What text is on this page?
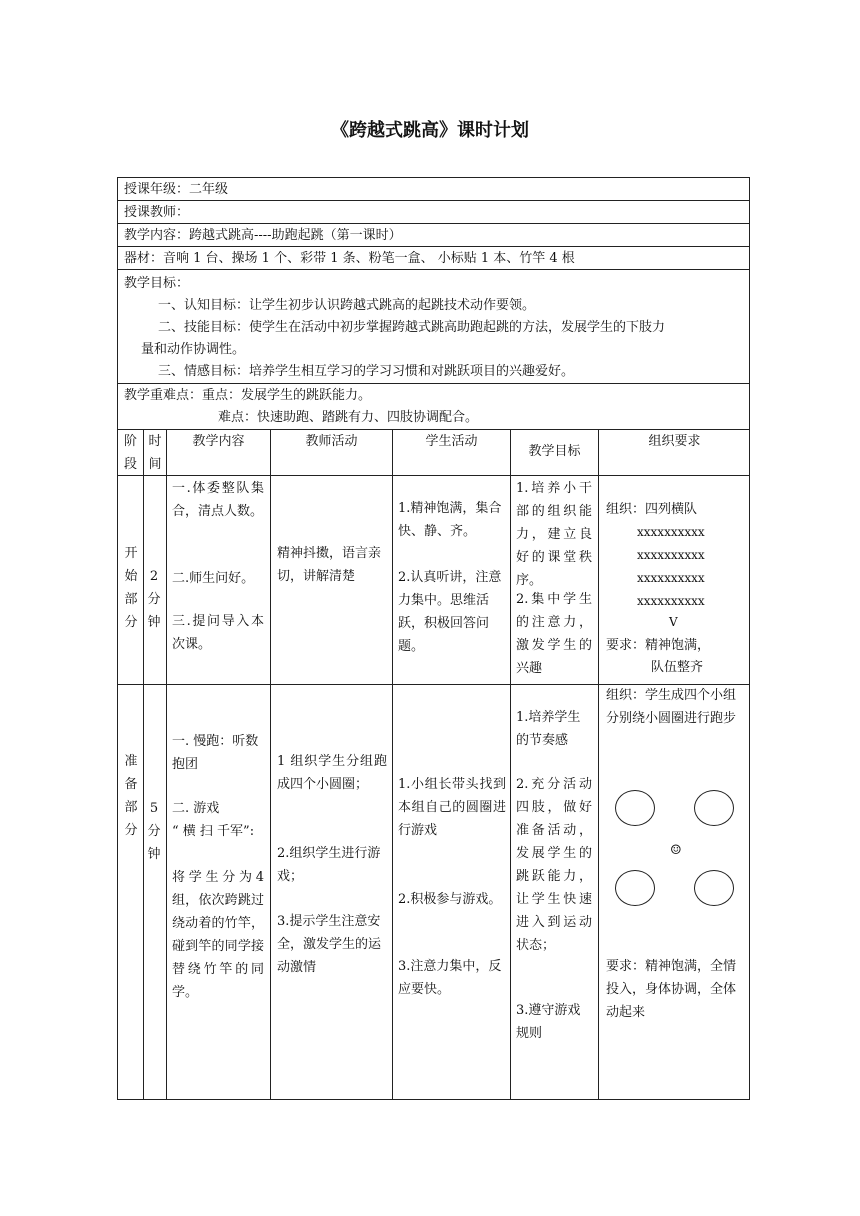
《跨越式跳高》课时计划
授课年级：二年级
授课教师：
教学内容：跨越式跳高----助跑起跳（第一课时）
器材：音响 1 台、操场 1 个、彩带 1 条、粉笔一盒、 小标贴 1 本、竹竿 4 根
教学目标：
一、认知目标：让学生初步认识跨越式跳高的起跳技术动作要领。
二、技能目标：使学生在活动中初步掌握跨越式跳高助跑起跳的方法，发展学生的下肢力
量和动作协调性。
三、情感目标：培养学生相互学习的学习习惯和对跳跃项目的兴趣爱好。
教学重难点：重点：发展学生的跳跃能力。
难点：快速助跑、踏跳有力、四肢协调配合。
阶段
时间
教学内容	教师活动	学生活动
教学目标
组织要求
开始部分
2分钟
一.体委整队集合，清点人数。
二.师生问好。
三.提问导入本次课。
精神抖擞，语言亲切，讲解清楚
1.精神饱满，集合快、静、齐。
2.认真听讲，注意力集中。思维活跃，积极回答问题。
1.培养小干部的组织能力，建立良好的课堂秩序。
2.集中学生的注意力，激发学生的兴趣
组织：四列横队
xxxxxxxxxx
xxxxxxxxxx
xxxxxxxxxx
xxxxxxxxxx
V
要求：精神饱满，
队伍整齐
准备部分
5分钟
一. 慢跑：听数抱团
二. 游戏
“ 横 扫 千军”:
将学生分为4组，依次跨跳过绕动着的竹竿，碰到竿的同学接替绕竹竿的同学。
1 组织学生分组跑成四个小圆圈；
2.组织学生进行游戏；
3.提示学生注意安全，激发学生的运动激情
1.小组长带头找到本组自己的圆圈进行游戏
2.积极参与游戏。
3.注意力集中，反应要快。
1.培养学生的节奏感
2.充分活动四肢，做好准备活动，发展学生的跳跃能力，让学生快速进入到运动状态；
3.遵守游戏规则
组织：学生成四个小组分别绕小圆圈进行跑步
☺
要求：精神饱满，全情投入，身体协调，全体动起来
